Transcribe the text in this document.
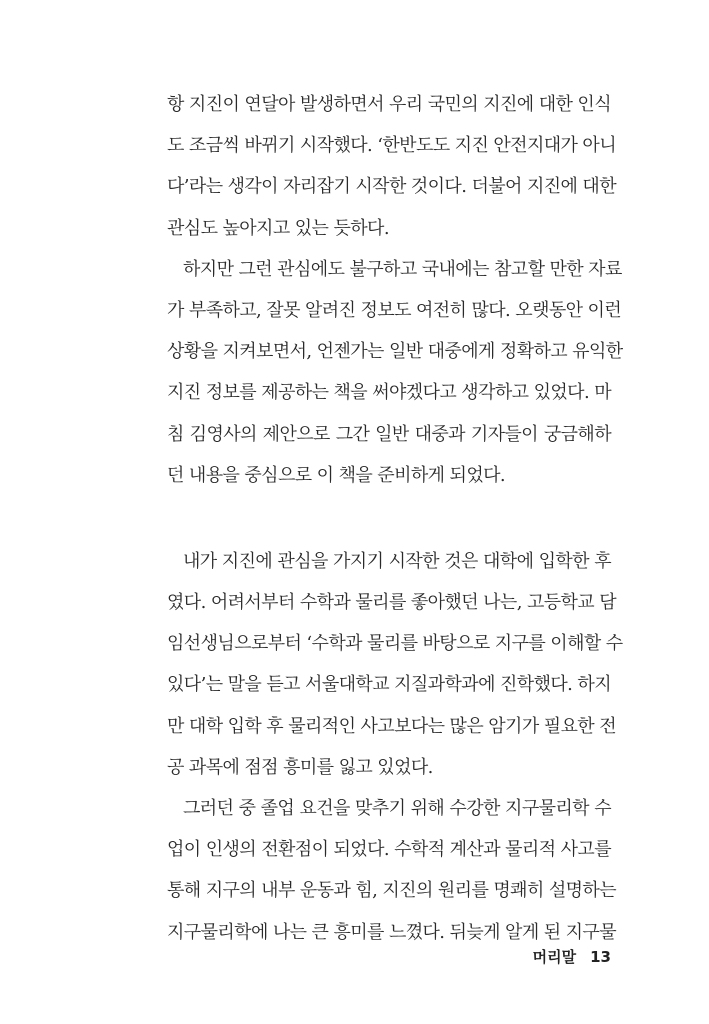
항 지진이 연달아 발생하면서 우리 국민의 지진에 대한 인식
도 조금씩 바뀌기 시작했다. ‘한반도도 지진 안전지대가 아니
다’라는 생각이 자리잡기 시작한 것이다. 더불어 지진에 대한
관심도 높아지고 있는 듯하다.
하지만 그런 관심에도 불구하고 국내에는 참고할 만한 자료
가 부족하고, 잘못 알려진 정보도 여전히 많다. 오랫동안 이런
상황을 지켜보면서, 언젠가는 일반 대중에게 정확하고 유익한
지진 정보를 제공하는 책을 써야겠다고 생각하고 있었다. 마
침 김영사의 제안으로 그간 일반 대중과 기자들이 궁금해하
던 내용을 중심으로 이 책을 준비하게 되었다.
내가 지진에 관심을 가지기 시작한 것은 대학에 입학한 후
였다. 어려서부터 수학과 물리를 좋아했던 나는, 고등학교 담
임선생님으로부터 ‘수학과 물리를 바탕으로 지구를 이해할 수
있다’는 말을 듣고 서울대학교 지질과학과에 진학했다. 하지
만 대학 입학 후 물리적인 사고보다는 많은 암기가 필요한 전
공 과목에 점점 흥미를 잃고 있었다.
그러던 중 졸업 요건을 맞추기 위해 수강한 지구물리학 수
업이 인생의 전환점이 되었다. 수학적 계산과 물리적 사고를
통해 지구의 내부 운동과 힘, 지진의 원리를 명쾌히 설명하는
지구물리학에 나는 큰 흥미를 느꼈다. 뒤늦게 알게 된 지구물
머리말 13
